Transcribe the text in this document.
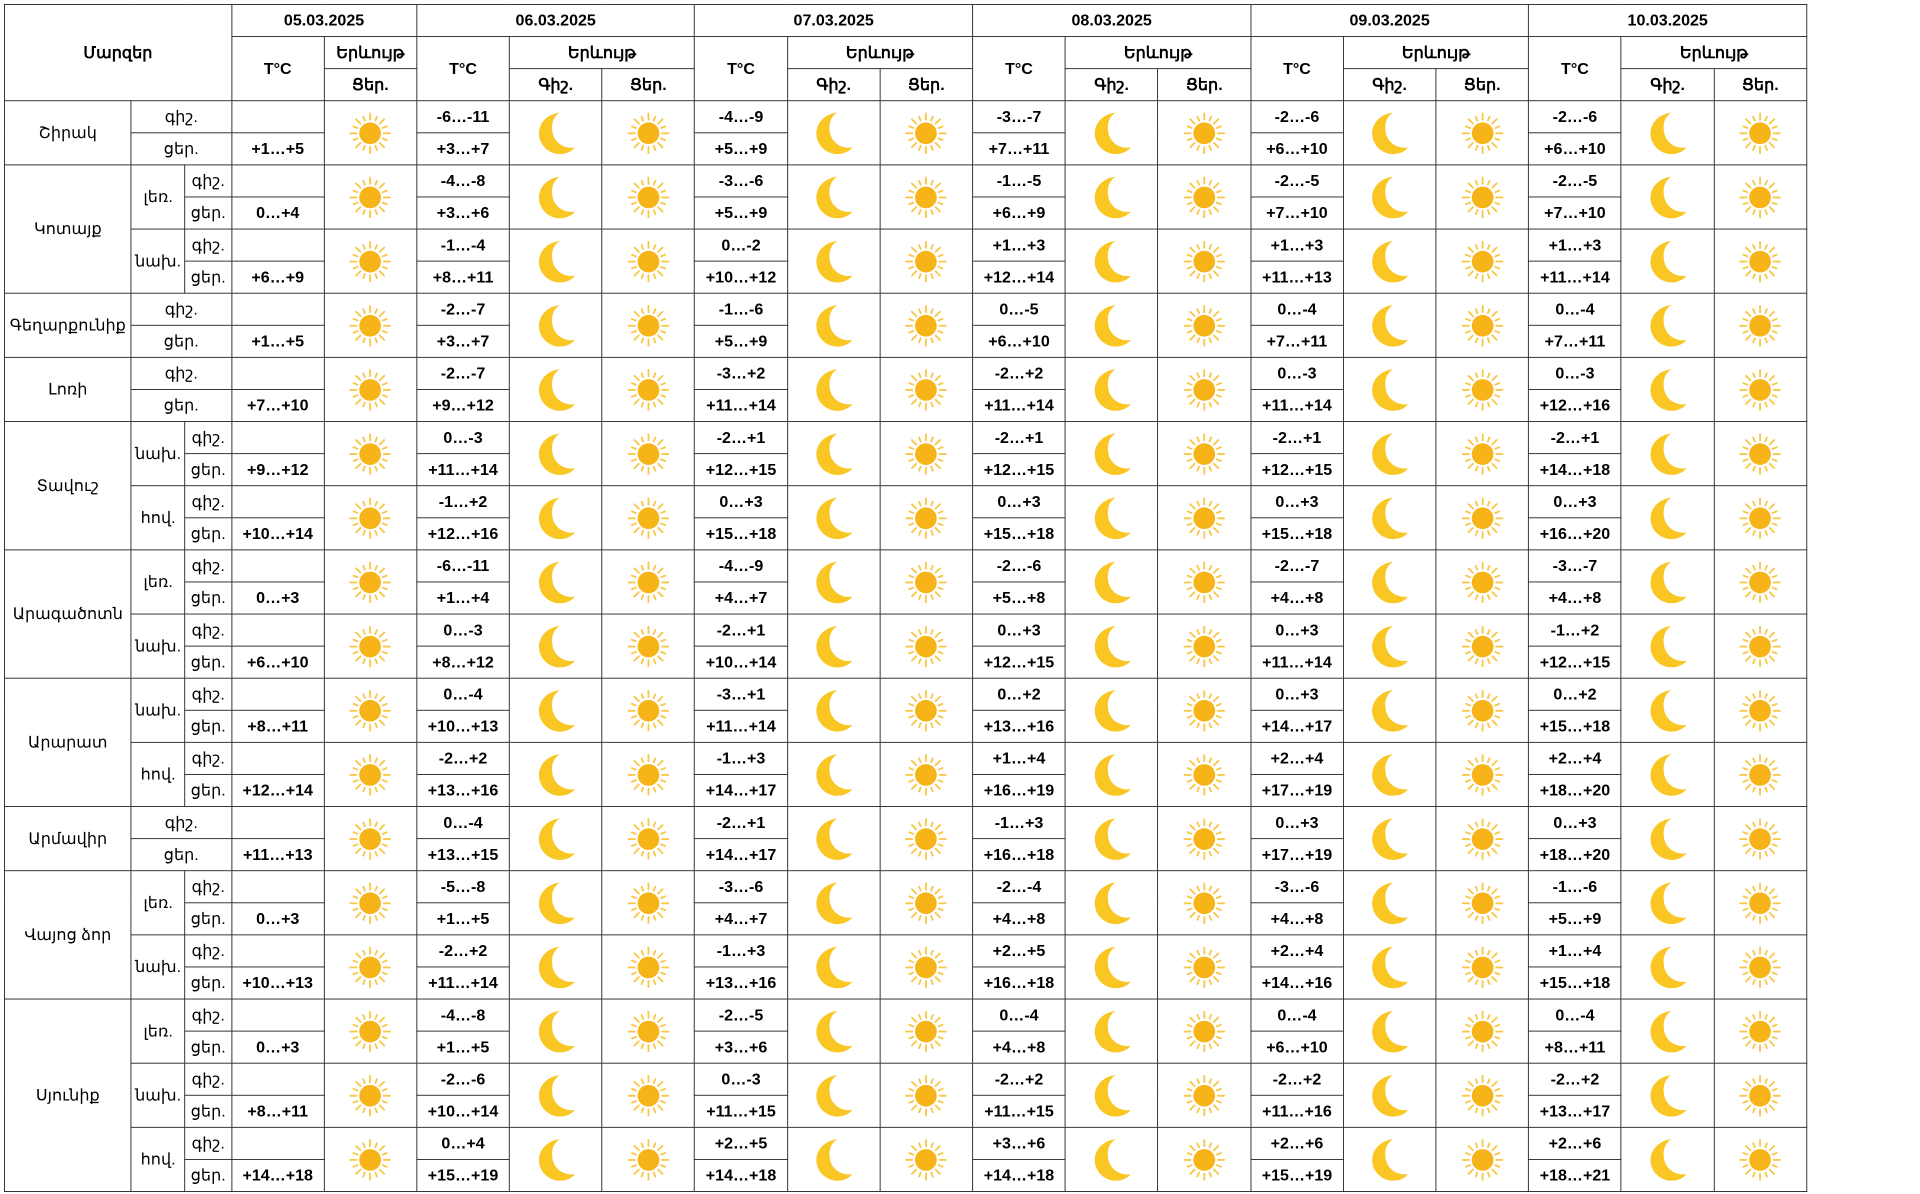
Մարզեր			05.03.2025		06.03.2025			07.03.2025			08.03.2025			09.03.2025			10.03.2025		
			T°C	Երևույթ	T°C	Երևույթ		T°C	Երևույթ		T°C	Երևույթ		T°C	Երևույթ		T°C	Երևույթ	
				Ցեր.		Գիշ.	Ցեր.		Գիշ.	Ցեր.		Գիշ.	Ցեր.		Գիշ.	Ցեր.		Գիշ.	Ցեր.
Շիրակ	գիշ.				-6…-11			-4…-9			-3…-7			-2…-6			-2…-6	

	ցեր.		+1…+5		+3…+7			+5…+9			+7…+11			+6…+10			+6…+10		
Կոտայք	լեռ.	գիշ.			-4…-8			-3…-6			-1…-5			-2…-5			-2…-5	

		ցեր.	0…+4		+3…+6			+5…+9			+6…+9			+7…+10			+7…+10		
	նախ.	գիշ.			-1…-4			0…-2			+1…+3			+1…+3			+1…+3	

		ցեր.	+6…+9		+8…+11			+10…+12			+12…+14			+11…+13			+11…+14		
Գեղարքունիք	գիշ.				-2…-7			-1…-6			0…-5			0…-4			0…-4	

	ցեր.		+1…+5		+3…+7			+5…+9			+6…+10			+7…+11			+7…+11		
Լոռի	գիշ.				-2…-7			-3…+2			-2…+2			0…-3			0…-3	

	ցեր.		+7…+10		+9…+12			+11…+14			+11…+14			+11…+14			+12…+16		
Տավուշ	նախ.	գիշ.			0…-3			-2…+1			-2…+1			-2…+1			-2…+1	

		ցեր.	+9…+12		+11…+14			+12…+15			+12…+15			+12…+15			+14…+18		
	հով.	գիշ.			-1…+2			0…+3			0…+3			0…+3			0…+3	

		ցեր.	+10…+14		+12…+16			+15…+18			+15…+18			+15…+18			+16…+20		
Արագածոտն	լեռ.	գիշ.			-6…-11			-4…-9			-2…-6			-2…-7			-3…-7	

		ցեր.	0…+3		+1…+4			+4…+7			+5…+8			+4…+8			+4…+8		
	նախ.	գիշ.			0…-3			-2…+1			0…+3			0…+3			-1…+2	

		ցեր.	+6…+10		+8…+12			+10…+14			+12…+15			+11…+14			+12…+15		
Արարատ	նախ.	գիշ.			0…-4			-3…+1			0…+2			0…+3			0…+2	

		ցեր.	+8…+11		+10…+13			+11…+14			+13…+16			+14…+17			+15…+18		
	հով.	գիշ.			-2…+2			-1…+3			+1…+4			+2…+4			+2…+4	

		ցեր.	+12…+14		+13…+16			+14…+17			+16…+19			+17…+19			+18…+20		
Արմավիր	գիշ.				0…-4			-2…+1			-1…+3			0…+3			0…+3	

	ցեր.		+11…+13		+13…+15			+14…+17			+16…+18			+17…+19			+18…+20		
Վայոց ձոր	լեռ.	գիշ.			-5…-8			-3…-6			-2…-4			-3…-6			-1…-6	

		ցեր.	0…+3		+1…+5			+4…+7			+4…+8			+4…+8			+5…+9		
	նախ.	գիշ.			-2…+2			-1…+3			+2…+5			+2…+4			+1…+4	

		ցեր.	+10…+13		+11…+14			+13…+16			+16…+18			+14…+16			+15…+18		
Սյունիք	լեռ.	գիշ.			-4…-8			-2…-5			0…-4			0…-4			0…-4	

		ցեր.	0…+3		+1…+5			+3…+6			+4…+8			+6…+10			+8…+11		
	նախ.	գիշ.			-2…-6			0…-3			-2…+2			-2…+2			-2…+2	

		ցեր.	+8…+11		+10…+14			+11…+15			+11…+15			+11…+16			+13…+17		
	հով.	գիշ.			0…+4			+2…+5			+3…+6			+2…+6			+2…+6	

		ցեր.	+14…+18		+15…+19			+14…+18			+14…+18			+15…+19			+18…+21		
